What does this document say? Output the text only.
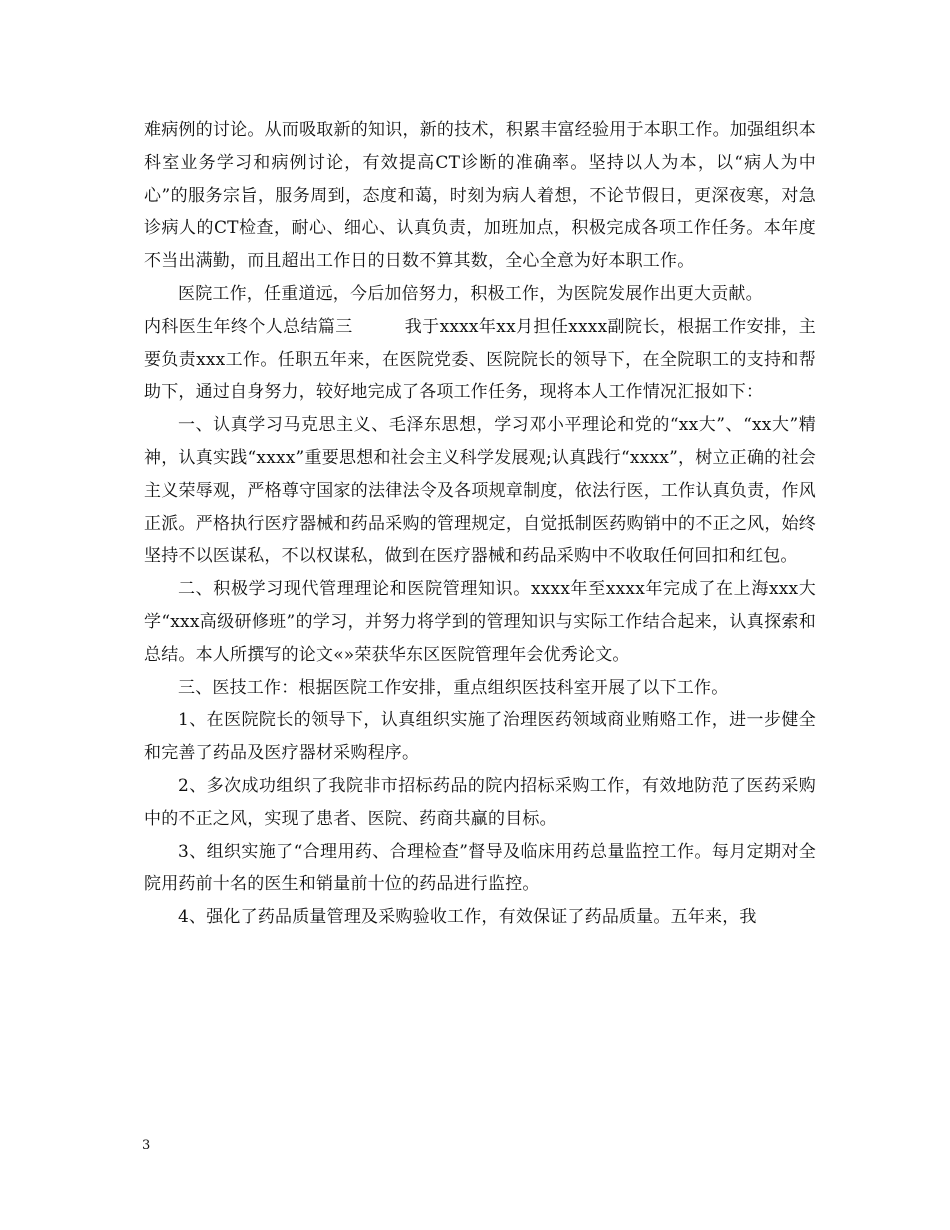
难病例的讨论。从而吸取新的知识，新的技术，积累丰富经验用于本职工作。加强组织本科室业务学习和病例讨论，有效提高CT诊断的准确率。坚持以人为本，以“病人为中心”的服务宗旨，服务周到，态度和蔼，时刻为病人着想，不论节假日，更深夜寒，对急诊病人的CT检查，耐心、细心、认真负责，加班加点，积极完成各项工作任务。本年度不当出满勤，而且超出工作日的日数不算其数，全心全意为好本职工作。

医院工作，任重道远，今后加倍努力，积极工作，为医院发展作出更大贡献。

内科医生年终个人总结篇三　　　我于xxxx年xx月担任xxxx副院长，根据工作安排，主要负责xxx工作。任职五年来，在医院党委、医院院长的领导下，在全院职工的支持和帮助下，通过自身努力，较好地完成了各项工作任务，现将本人工作情况汇报如下：

一、认真学习马克思主义、毛泽东思想，学习邓小平理论和党的“xx大”、“xx大”精神，认真实践“xxxx”重要思想和社会主义科学发展观;认真践行“xxxx”，树立正确的社会主义荣辱观，严格尊守国家的法律法令及各项规章制度，依法行医，工作认真负责，作风正派。严格执行医疗器械和药品采购的管理规定，自觉抵制医药购销中的不正之风，始终坚持不以医谋私，不以权谋私，做到在医疗器械和药品采购中不收取任何回扣和红包。

二、积极学习现代管理理论和医院管理知识。xxxx年至xxxx年完成了在上海xxx大学“xxx高级研修班”的学习，并努力将学到的管理知识与实际工作结合起来，认真探索和总结。本人所撰写的论文«»荣获华东区医院管理年会优秀论文。

三、医技工作：根据医院工作安排，重点组织医技科室开展了以下工作。

1、在医院院长的领导下，认真组织实施了治理医药领域商业贿赂工作，进一步健全和完善了药品及医疗器材采购程序。

2、多次成功组织了我院非市招标药品的院内招标采购工作，有效地防范了医药采购中的不正之风，实现了患者、医院、药商共赢的目标。

3、组织实施了“合理用药、合理检查”督导及临床用药总量监控工作。每月定期对全院用药前十名的医生和销量前十位的药品进行监控。

4、强化了药品质量管理及采购验收工作，有效保证了药品质量。五年来，我

3
